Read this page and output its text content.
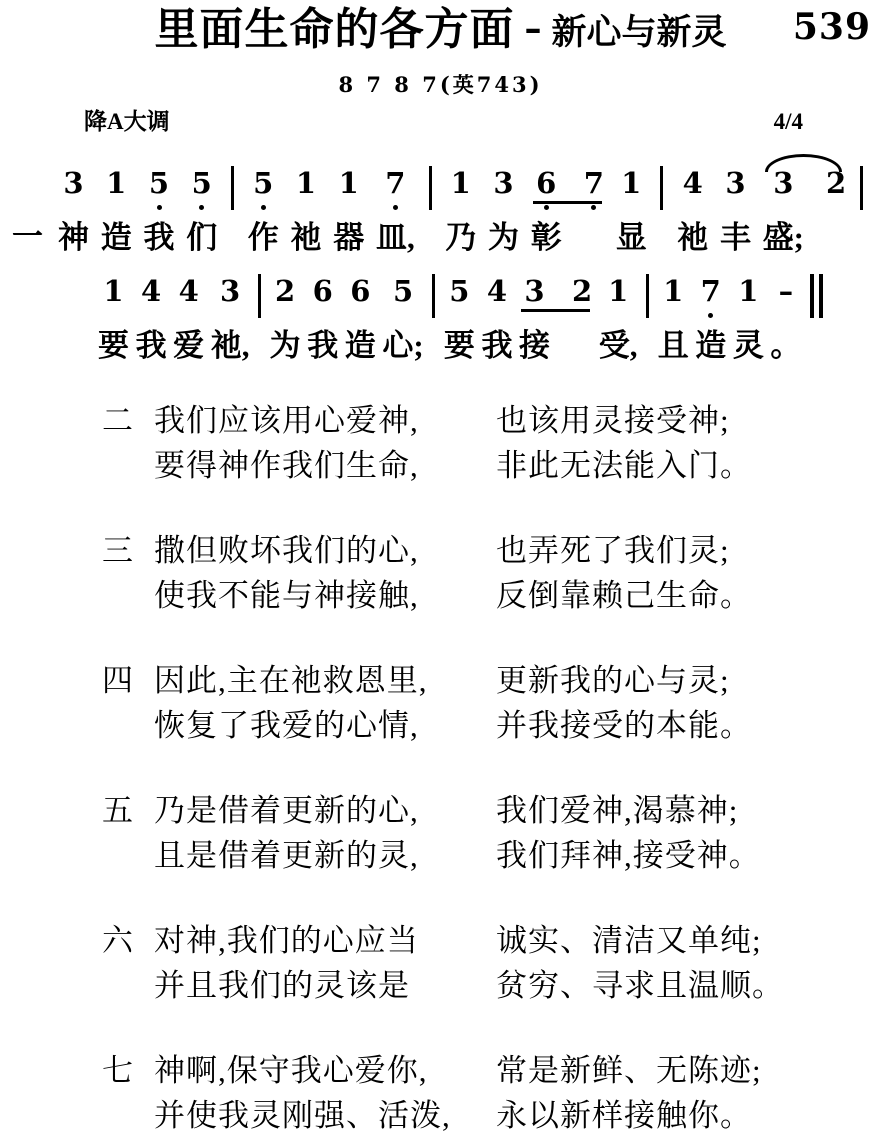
539
里面生命的各方面 – 新心与新灵
8 7 8 7(英743)
降A大调	4/4
一
3
神
1
造
5
我
5
们
5
作
1
祂
1
器
7
皿,
1
乃
3
为
6
彰
7 1
显
4
祂
3
丰
3
盛;
2
1
要
4
我
4
爱
3
祂,
2
为
6
我
6
造
5
心;
5
要
4
我
3
接
2 1
受,
1
且
7
造
1
灵
–
。
二 我们应该用心爱神,	也该用灵接受神;
要得神作我们生命,	非此无法能入门。
三 撒但败坏我们的心,	也弄死了我们灵;
使我不能与神接触,	反倒靠赖己生命。
四 因此,主在祂救恩里,	更新我的心与灵;
恢复了我爱的心情,	并我接受的本能。
五 乃是借着更新的心,	我们爱神,渴慕神;
且是借着更新的灵,	我们拜神,接受神。
六 对神,我们的心应当	诚实、清洁又单纯;
并且我们的灵该是	贫穷、寻求且温顺。
七 神啊,保守我心爱你,	常是新鲜、无陈迹;
并使我灵刚强、活泼,	永以新样接触你。
